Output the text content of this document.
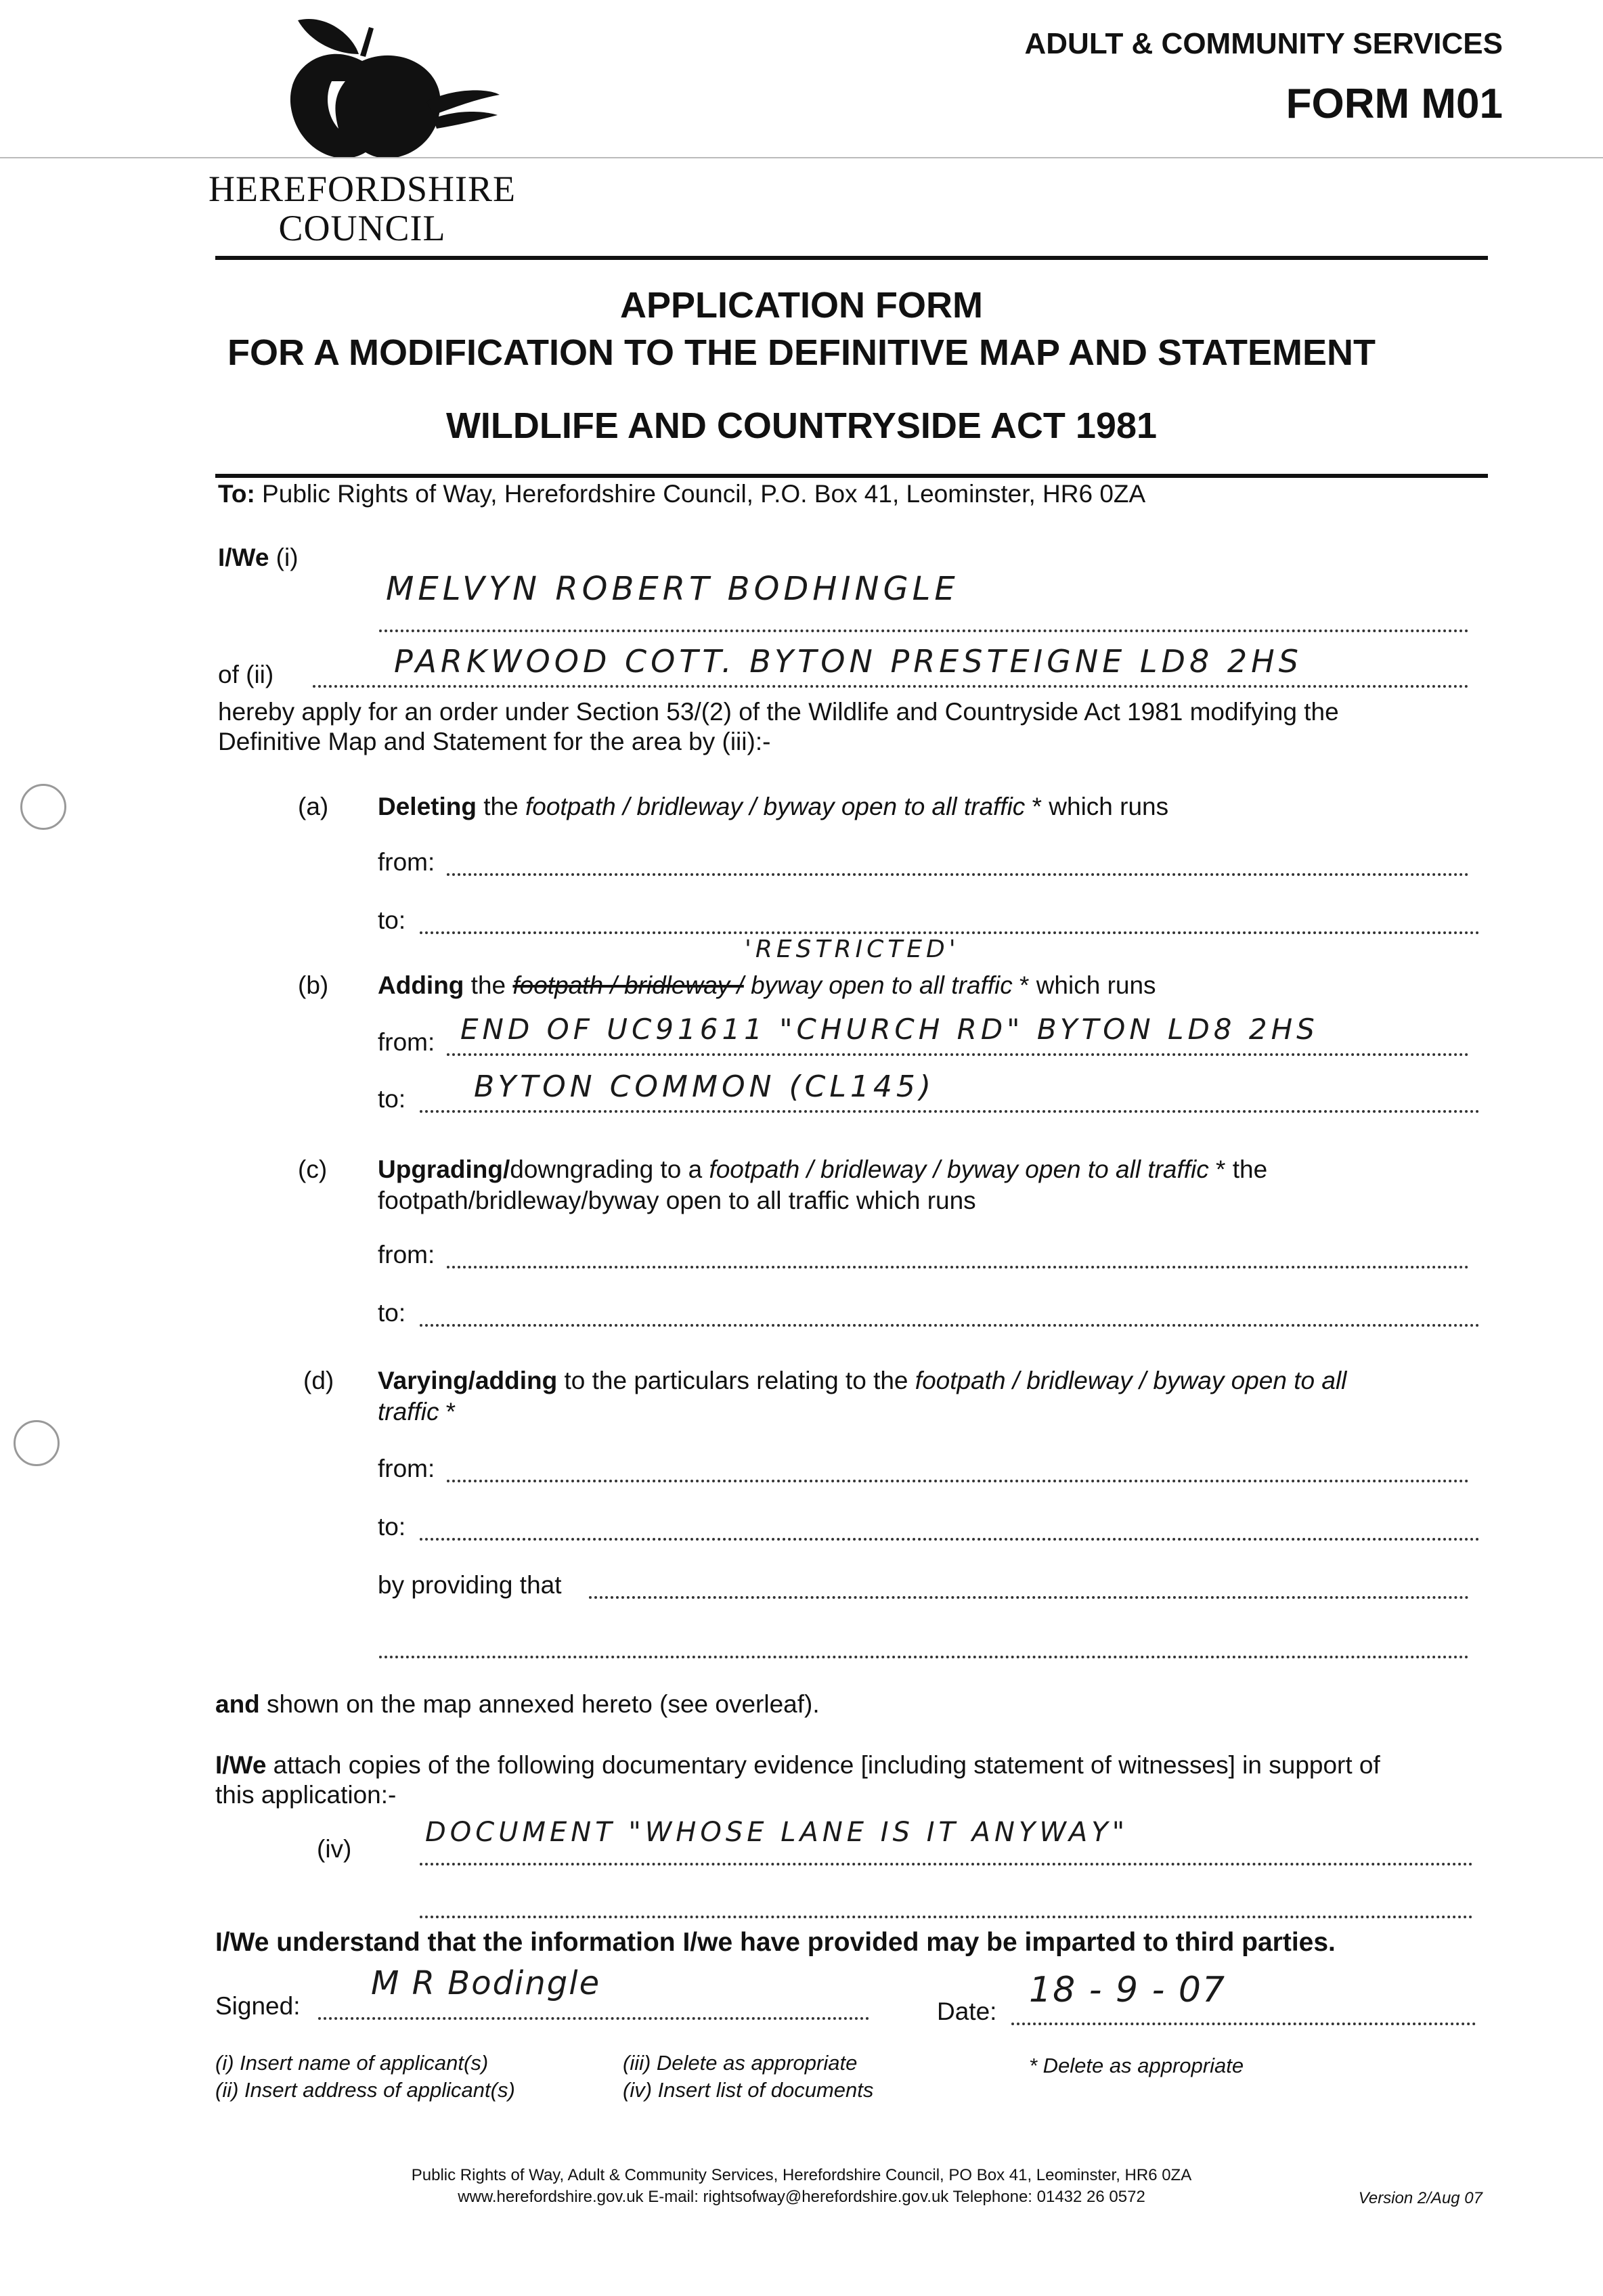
HEREFORDSHIRE
COUNCIL
ADULT & COMMUNITY SERVICES
FORM M01
APPLICATION FORM
FOR A MODIFICATION TO THE DEFINITIVE MAP AND STATEMENT
WILDLIFE AND COUNTRYSIDE ACT 1981
To: Public Rights of Way, Herefordshire Council, P.O. Box 41, Leominster, HR6 0ZA
I/We (i)
MELVYN ROBERT BODHINGLE
of (ii)	PARKWOOD COTT. BYTON PRESTEIGNE LD8 2HS
hereby apply for an order under Section 53/(2) of the Wildlife and Countryside Act 1981 modifying the
Definitive Map and Statement for the area by (iii):-
(a) Deleting the footpath / bridleway / byway open to all traffic * which runs
from:
to:
'RESTRICTED'
(b) Adding the footpath / bridleway / byway open to all traffic * which runs
from: END OF UC91611 "CHURCH RD" BYTON LD8 2HS
to: BYTON COMMON (CL145)
(c) Upgrading/downgrading to a footpath / bridleway / byway open to all traffic * the
footpath/bridleway/byway open to all traffic which runs
from:
to:
(d) Varying/adding to the particulars relating to the footpath / bridleway / byway open to all
traffic *
from:
to:
by providing that
and shown on the map annexed hereto (see overleaf).
I/We attach copies of the following documentary evidence [including statement of witnesses] in support of
this application:-
(iv)
DOCUMENT "WHOSE LANE IS IT ANYWAY"
I/We understand that the information I/we have provided may be imparted to third parties.
Signed:
M R Bodingle
Date:
18 - 9 - 07
(i) Insert name of applicant(s)
(ii) Insert address of applicant(s)
(iii) Delete as appropriate
(iv) Insert list of documents
* Delete as appropriate
Public Rights of Way, Adult & Community Services, Herefordshire Council, PO Box 41, Leominster, HR6 0ZA
www.herefordshire.gov.uk E-mail: rightsofway@herefordshire.gov.uk Telephone: 01432 26 0572	Version 2/Aug 07
